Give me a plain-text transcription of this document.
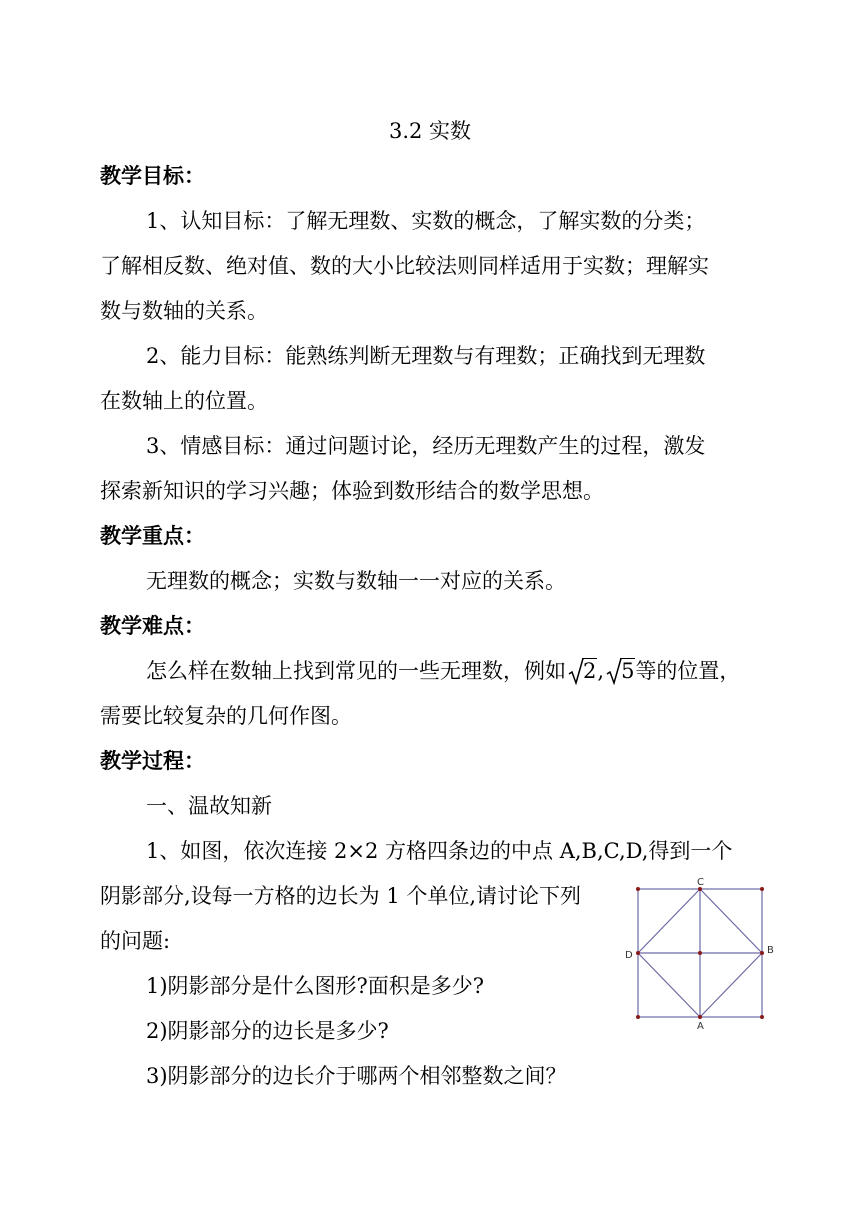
3.2 实数
教学目标：
1、认知目标：了解无理数、实数的概念，了解实数的分类；
了解相反数、绝对值、数的大小比较法则同样适用于实数；理解实
数与数轴的关系。
2、能力目标：能熟练判断无理数与有理数；正确找到无理数
在数轴上的位置。
3、情感目标：通过问题讨论，经历无理数产生的过程，激发
探索新知识的学习兴趣；体验到数形结合的数学思想。
教学重点：
无理数的概念；实数与数轴一一对应的关系。
教学难点：
怎么样在数轴上找到常见的一些无理数，例如 2, 5等的位置，
需要比较复杂的几何作图。
教学过程：
一、温故知新
1、如图，依次连接 2×2 方格四条边的中点 A,B,C,D,得到一个
阴影部分,设每一方格的边长为 1 个单位,请讨论下列
的问题:
1)阴影部分是什么图形?面积是多少?
2)阴影部分的边长是多少?
3)阴影部分的边长介于哪两个相邻整数之间？
C
B
A
D
